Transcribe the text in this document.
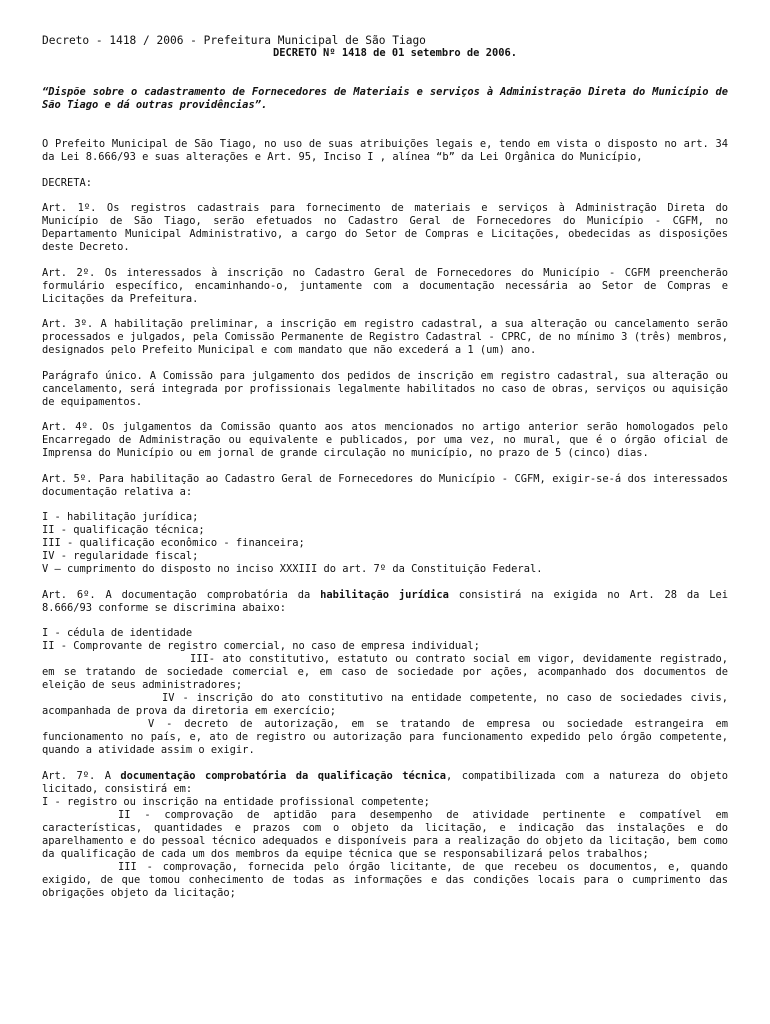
Decreto - 1418 / 2006 - Prefeitura Municipal de São Tiago

DECRETO Nº 1418 de 01 setembro de 2006.

“Dispõe sobre o cadastramento de Fornecedores de Materiais e serviços à Administração Direta do Município de São Tiago e dá outras providências”.

O Prefeito Municipal de São Tiago, no uso de suas atribuições legais e, tendo em vista o disposto no art. 34 da Lei 8.666/93 e suas alterações e Art. 95, Inciso I , alínea “b” da Lei Orgânica do Município,

DECRETA:

Art. 1º. Os registros cadastrais para fornecimento de materiais e serviços à Administração Direta do Município de São Tiago, serão efetuados no Cadastro Geral de Fornecedores do Município - CGFM, no Departamento Municipal Administrativo, a cargo do Setor de Compras e Licitações, obedecidas as disposições deste Decreto.

Art. 2º. Os interessados à inscrição no Cadastro Geral de Fornecedores do Município - CGFM preencherão formulário específico, encaminhando-o, juntamente com a documentação necessária ao Setor de Compras e Licitações da Prefeitura.

Art. 3º. A habilitação preliminar, a inscrição em registro cadastral, a sua alteração ou cancelamento serão processados e julgados, pela Comissão Permanente de Registro Cadastral - CPRC, de no mínimo 3 (três) membros, designados pelo Prefeito Municipal e com mandato que não excederá a 1 (um) ano.

Parágrafo único. A Comissão para julgamento dos pedidos de inscrição em registro cadastral, sua alteração ou cancelamento, será integrada por profissionais legalmente habilitados no caso de obras, serviços ou aquisição de equipamentos.

Art. 4º. Os julgamentos da Comissão quanto aos atos mencionados no artigo anterior serão homologados pelo Encarregado de Administração ou equivalente e publicados, por uma vez, no mural, que é o órgão oficial de Imprensa do Município ou em jornal de grande circulação no município, no prazo de 5 (cinco) dias.

Art. 5º. Para habilitação ao Cadastro Geral de Fornecedores do Município - CGFM, exigir-se-á dos interessados documentação relativa a:

I - habilitação jurídica;

II - qualificação técnica;

III - qualificação econômico - financeira;

IV - regularidade fiscal;

V – cumprimento do disposto no inciso XXXIII do art. 7º da Constituição Federal.

Art. 6º. A documentação comprobatória da habilitação jurídica consistirá na exigida no Art. 28 da Lei 8.666/93 conforme se discrimina abaixo:

I - cédula de identidade

II - Comprovante de registro comercial, no caso de empresa individual;

III- ato constitutivo, estatuto ou contrato social em vigor, devidamente registrado, em se tratando de sociedade comercial e, em caso de sociedade por ações, acompanhado dos documentos de eleição de seus administradores;

IV - inscrição do ato constitutivo na entidade competente, no caso de sociedades civis, acompanhada de prova da diretoria em exercício;

V - decreto de autorização, em se tratando de empresa ou sociedade estrangeira em funcionamento no país, e, ato de registro ou autorização para funcionamento expedido pelo órgão competente, quando a atividade assim o exigir.

Art. 7º. A documentação comprobatória da qualificação técnica, compatibilizada com a natureza do objeto licitado, consistirá em:

I - registro ou inscrição na entidade profissional competente;

II - comprovação de aptidão para desempenho de atividade pertinente e compatível em características, quantidades e prazos com o objeto da licitação, e indicação das instalações e do aparelhamento e do pessoal técnico adequados e disponíveis para a realização do objeto da licitação, bem como da qualificação de cada um dos membros da equipe técnica que se responsabilizará pelos trabalhos;

III - comprovação, fornecida pelo órgão licitante, de que recebeu os documentos, e, quando exigido, de que tomou conhecimento de todas as informações e das condições locais para o cumprimento das obrigações objeto da licitação;
